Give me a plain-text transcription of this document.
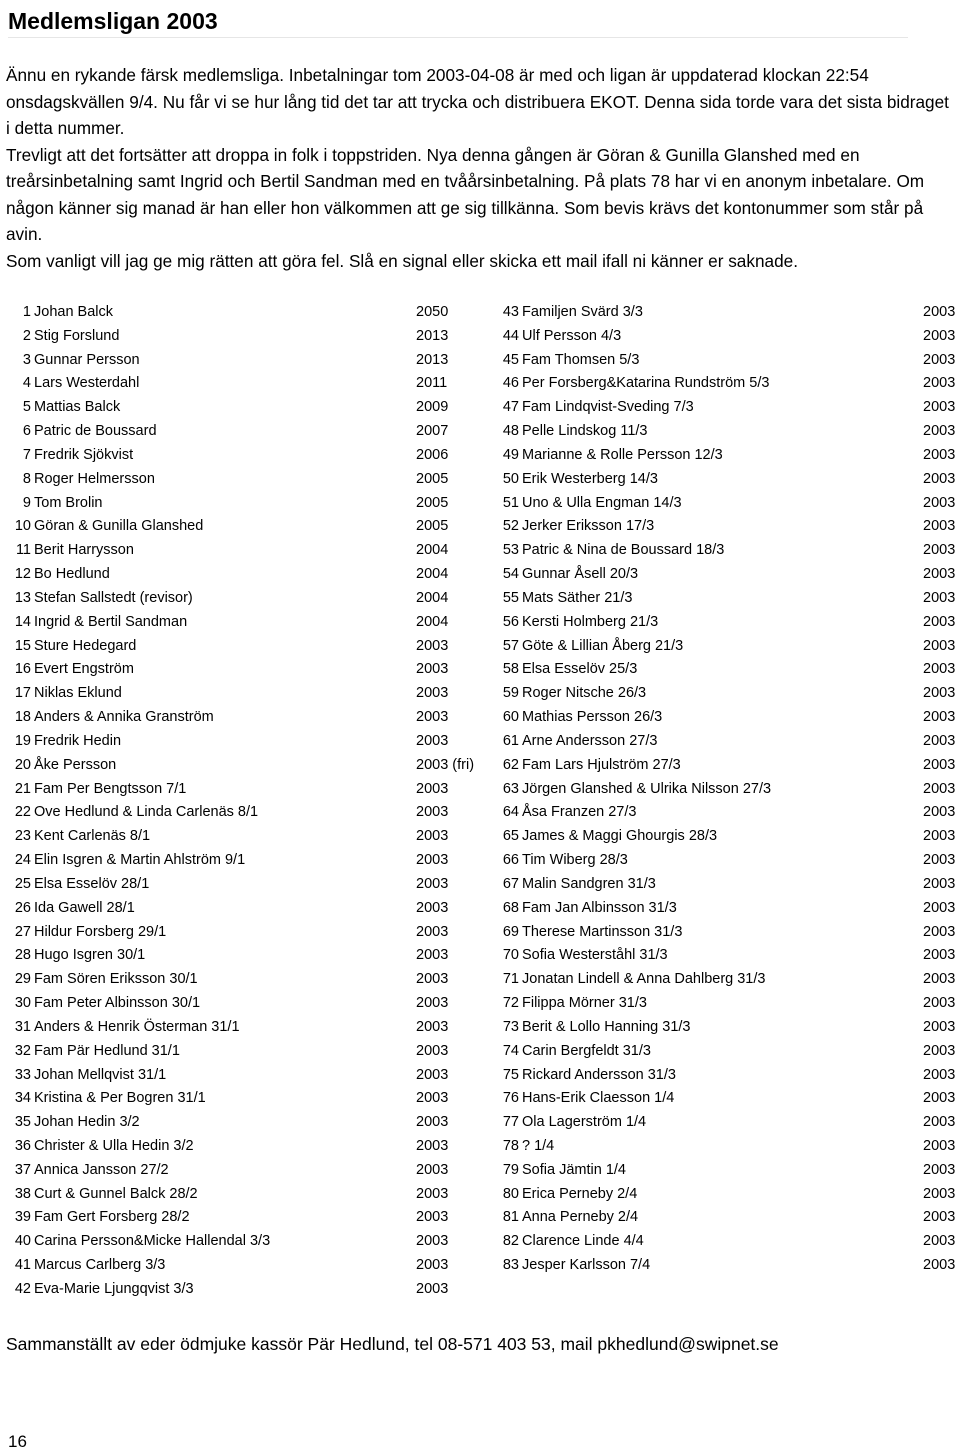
Medlemsligan 2003

Ännu en rykande färsk medlemsliga. Inbetalningar tom 2003-04-08 är med och ligan är uppdaterad klockan 22:54 onsdagskvällen 9/4. Nu får vi se hur lång tid det tar att trycka och distribuera EKOT. Denna sida torde vara det sista bidraget i detta nummer.

Trevligt att det fortsätter att droppa in folk i toppstriden. Nya denna gången är Göran & Gunilla Glanshed med en treårsinbetalning samt Ingrid och Bertil Sandman med en tvåårsinbetalning. På plats 78 har vi en anonym inbetalare. Om någon känner sig manad är han eller hon välkommen att ge sig tillkänna. Som bevis krävs det kontonummer som står på avin.

Som vanligt vill jag ge mig rätten att göra fel. Slå en signal eller skicka ett mail ifall ni känner er saknade.

1 Johan Balck	2050
2 Stig Forslund	2013
3 Gunnar Persson	2013
4 Lars Westerdahl	2011
5 Mattias Balck	2009
6 Patric de Boussard	2007
7 Fredrik Sjökvist	2006
8 Roger Helmersson	2005
9 Tom Brolin	2005
10 Göran & Gunilla Glanshed	2005
11 Berit Harrysson	2004
12 Bo Hedlund	2004
13 Stefan Sallstedt (revisor)	2004
14 Ingrid & Bertil Sandman	2004
15 Sture Hedegard	2003
16 Evert Engström	2003
17 Niklas Eklund	2003
18 Anders & Annika Granström	2003
19 Fredrik Hedin	2003
20 Åke Persson	2003 (fri)
21 Fam Per Bengtsson 7/1	2003
22 Ove Hedlund & Linda Carlenäs 8/1	2003
23 Kent Carlenäs 8/1	2003
24 Elin Isgren & Martin Ahlström 9/1	2003
25 Elsa Esselöv 28/1	2003
26 Ida Gawell 28/1	2003
27 Hildur Forsberg 29/1	2003
28 Hugo Isgren 30/1	2003
29 Fam Sören Eriksson 30/1	2003
30 Fam Peter Albinsson 30/1	2003
31 Anders & Henrik Österman 31/1	2003
32 Fam Pär Hedlund 31/1	2003
33 Johan Mellqvist 31/1	2003
34 Kristina & Per Bogren 31/1	2003
35 Johan Hedin 3/2	2003
36 Christer & Ulla Hedin 3/2	2003
37 Annica Jansson 27/2	2003
38 Curt & Gunnel Balck 28/2	2003
39 Fam Gert Forsberg 28/2	2003
40 Carina Persson&Micke Hallendal 3/3	2003
41 Marcus Carlberg 3/3	2003
42 Eva-Marie Ljungqvist 3/3	2003
43 Familjen Svärd 3/3	2003
44 Ulf Persson 4/3	2003
45 Fam Thomsen 5/3	2003
46 Per Forsberg&Katarina Rundström 5/3	2003
47 Fam Lindqvist-Sveding 7/3	2003
48 Pelle Lindskog 11/3	2003
49 Marianne & Rolle Persson 12/3	2003
50 Erik Westerberg 14/3	2003
51 Uno & Ulla Engman 14/3	2003
52 Jerker Eriksson 17/3	2003
53 Patric & Nina de Boussard 18/3	2003
54 Gunnar Åsell 20/3	2003
55 Mats Säther 21/3	2003
56 Kersti Holmberg 21/3	2003
57 Göte & Lillian Åberg 21/3	2003
58 Elsa Esselöv 25/3	2003
59 Roger Nitsche 26/3	2003
60 Mathias Persson 26/3	2003
61 Arne Andersson 27/3	2003
62 Fam Lars Hjulström 27/3	2003
63 Jörgen Glanshed & Ulrika Nilsson 27/3	2003
64 Åsa Franzen 27/3	2003
65 James & Maggi Ghourgis 28/3	2003
66 Tim Wiberg 28/3	2003
67 Malin Sandgren 31/3	2003
68 Fam Jan Albinsson 31/3	2003
69 Therese Martinsson 31/3	2003
70 Sofia Westerståhl 31/3	2003
71 Jonatan Lindell & Anna Dahlberg 31/3	2003
72 Filippa Mörner 31/3	2003
73 Berit & Lollo Hanning 31/3	2003
74 Carin Bergfeldt 31/3	2003
75 Rickard Andersson 31/3	2003
76 Hans-Erik Claesson 1/4	2003
77 Ola Lagerström 1/4	2003
78 ? 1/4	2003
79 Sofia Jämtin 1/4	2003
80 Erica Perneby 2/4	2003
81 Anna Perneby 2/4	2003
82 Clarence Linde 4/4	2003
83 Jesper Karlsson 7/4	2003
Sammanställt av eder ödmjuke kassör Pär Hedlund, tel 08-571 403 53, mail pkhedlund@swipnet.se
16
